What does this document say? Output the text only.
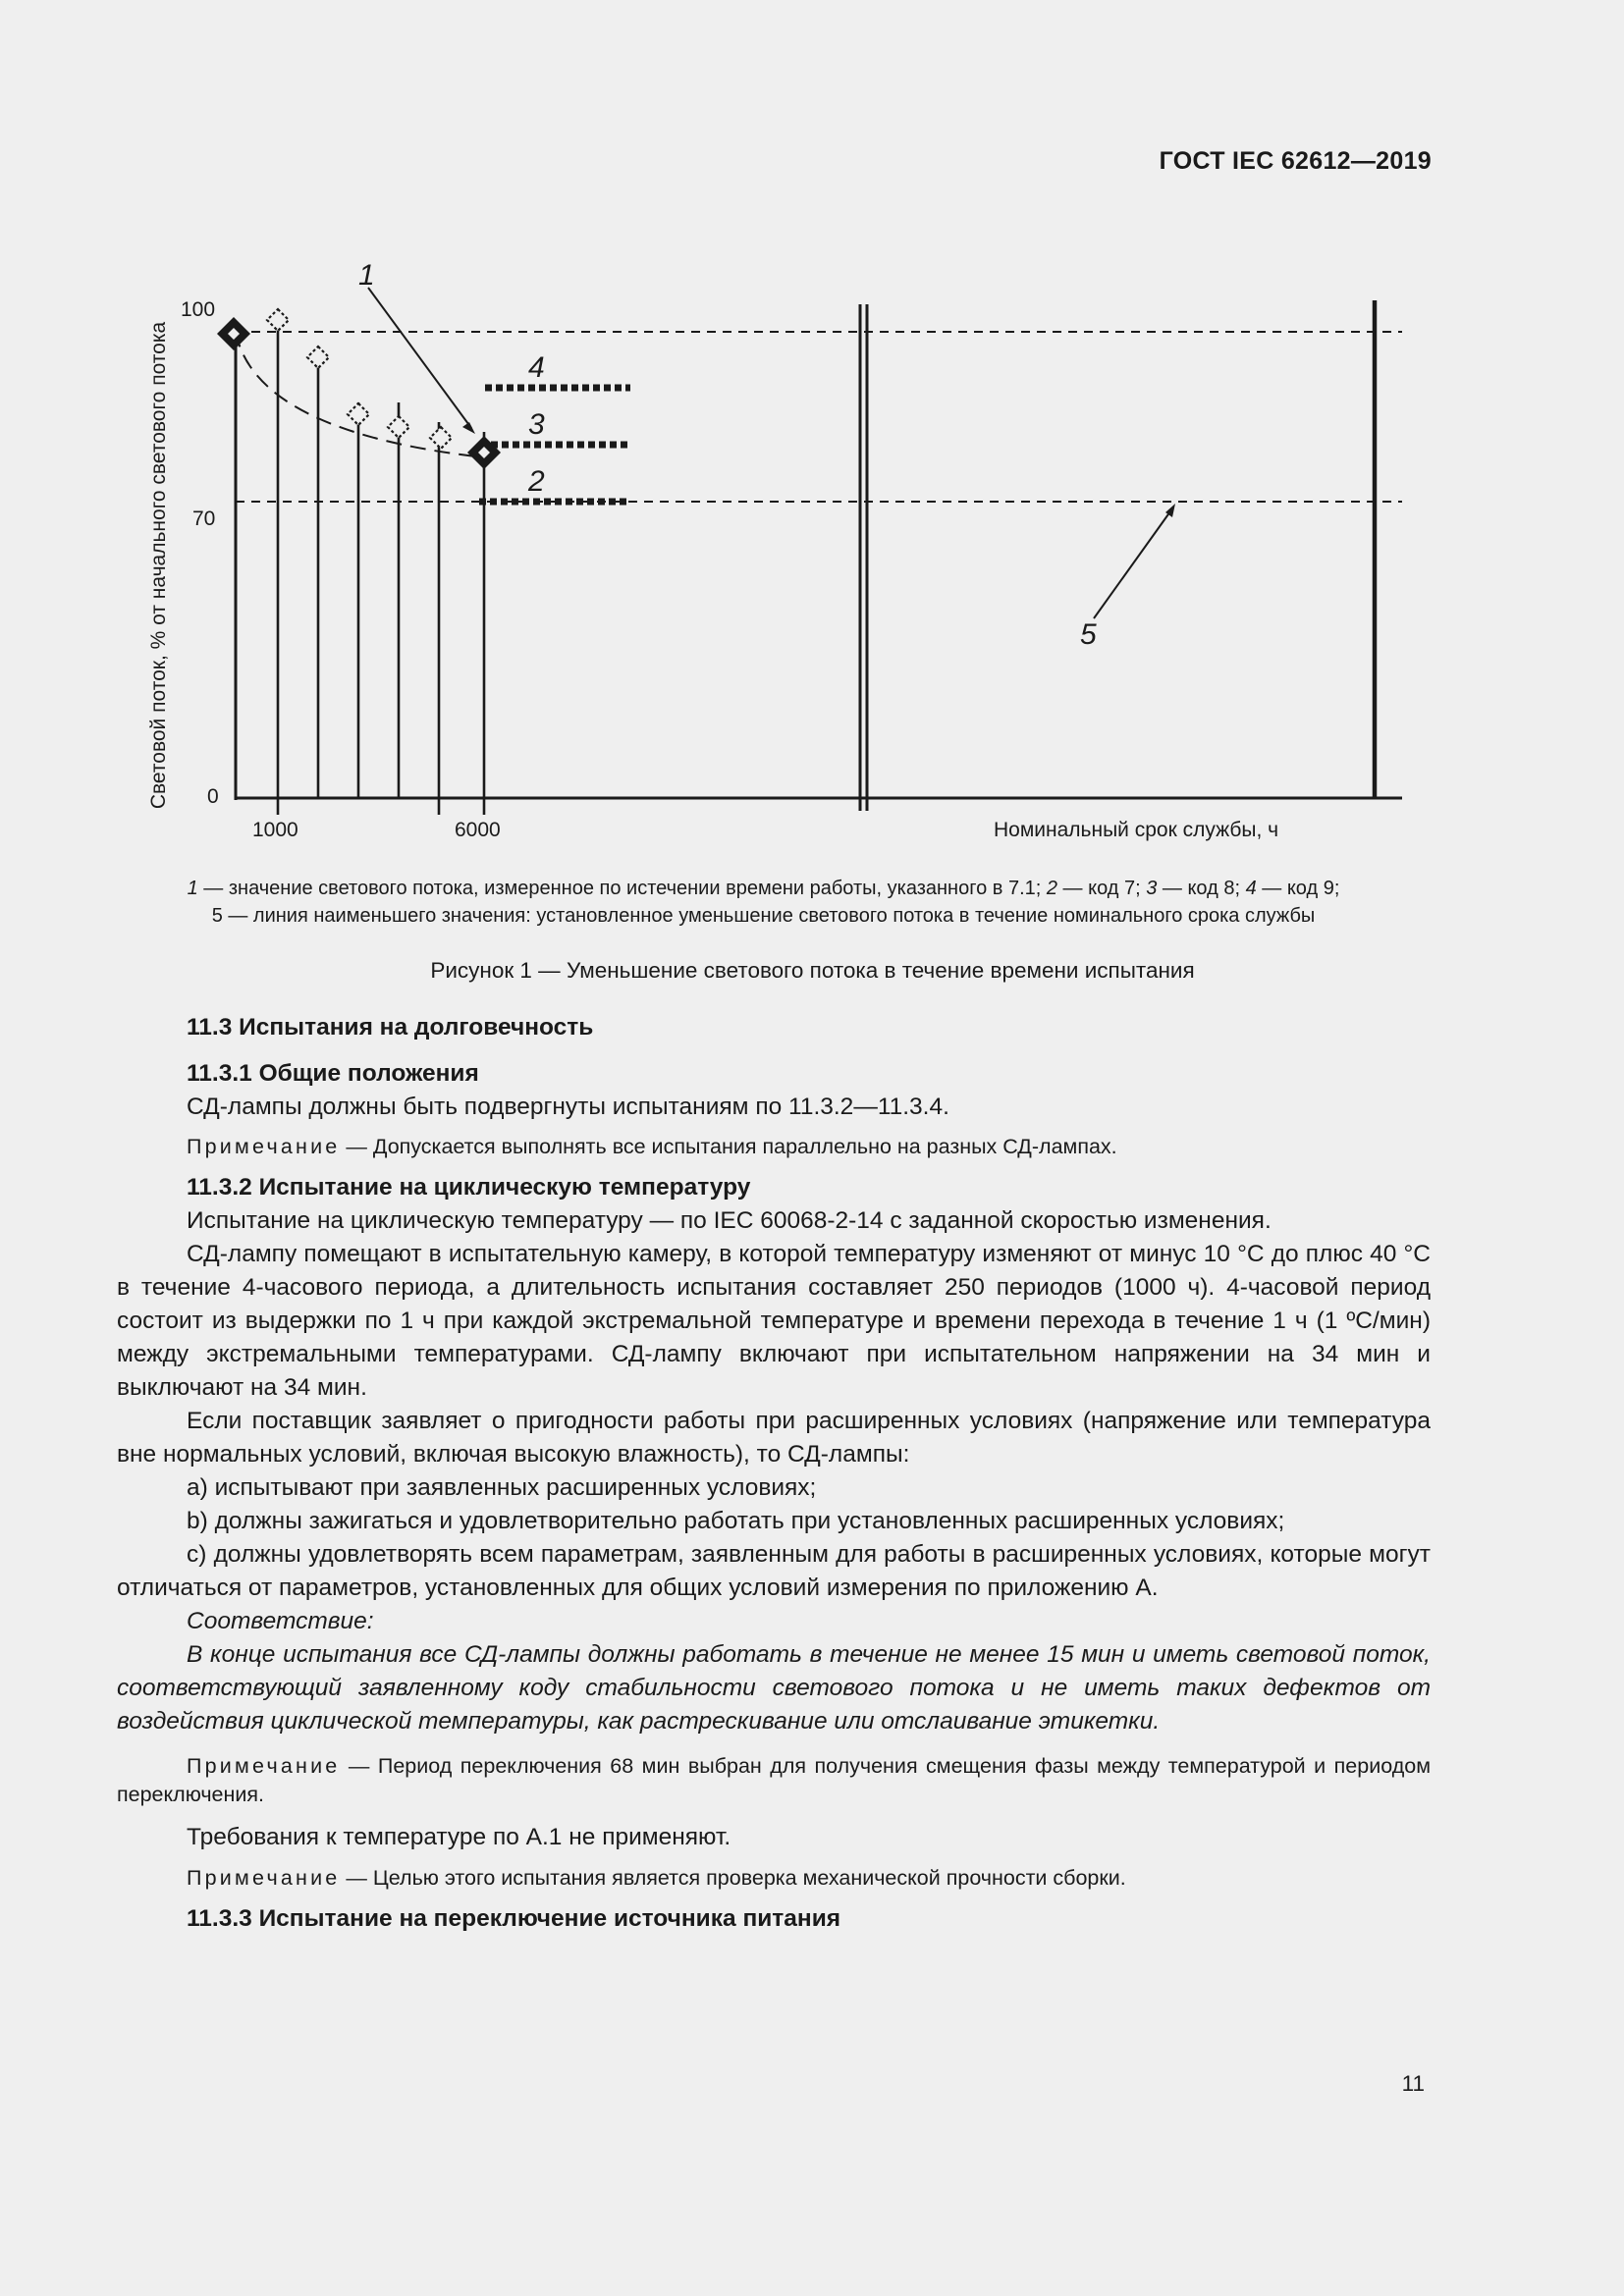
ГОСТ IEC 62612—2019
Световой поток, % от начального светового потока
100
70
0
1000	6000	Номинальный срок службы, ч
1
4
3
2
5
1 — значение светового потока, измеренное по истечении времени работы, указанного в 7.1; 2 — код 7; 3 — код 8; 4 — код 9;
5 — линия наименьшего значения: установленное уменьшение светового потока в течение номинального срока службы
Рисунок 1 — Уменьшение светового потока в течение времени испытания

11.3 Испытания на долговечность

11.3.1 Общие положения

СД-лампы должны быть подвергнуты испытаниям по 11.3.2—11.3.4.

Примечание — Допускается выполнять все испытания параллельно на разных СД-лампах.

11.3.2 Испытание на циклическую температуру

Испытание на циклическую температуру — по IEC 60068-2-14 с заданной скоростью изменения.

СД-лампу помещают в испытательную камеру, в которой температуру изменяют от минус 10 °С до плюс 40 °С в течение 4-часового периода, а длительность испытания составляет 250 периодов (1000 ч). 4-часовой период состоит из выдержки по 1 ч при каждой экстремальной температуре и времени перехода в течение 1 ч (1 ºС/мин) между экстремальными температурами. СД-лампу включают при испытательном напряжении на 34 мин и выключают на 34 мин.

Если поставщик заявляет о пригодности работы при расширенных условиях (напряжение или температура вне нормальных условий, включая высокую влажность), то СД-лампы:

a) испытывают при заявленных расширенных условиях;

b) должны зажигаться и удовлетворительно работать при установленных расширенных условиях;

c) должны удовлетворять всем параметрам, заявленным для работы в расширенных условиях, которые могут отличаться от параметров, установленных для общих условий измерения по приложению А.

Соответствие:

В конце испытания все СД-лампы должны работать в течение не менее 15 мин и иметь световой поток, соответствующий заявленному коду стабильности светового потока и не иметь таких дефектов от воздействия циклической температуры, как растрескивание или отслаивание этикетки.

Примечание — Период переключения 68 мин выбран для получения смещения фазы между температурой и периодом переключения.

Требования к температуре по А.1 не применяют.

Примечание — Целью этого испытания является проверка механической прочности сборки.

11.3.3 Испытание на переключение источника питания

11
